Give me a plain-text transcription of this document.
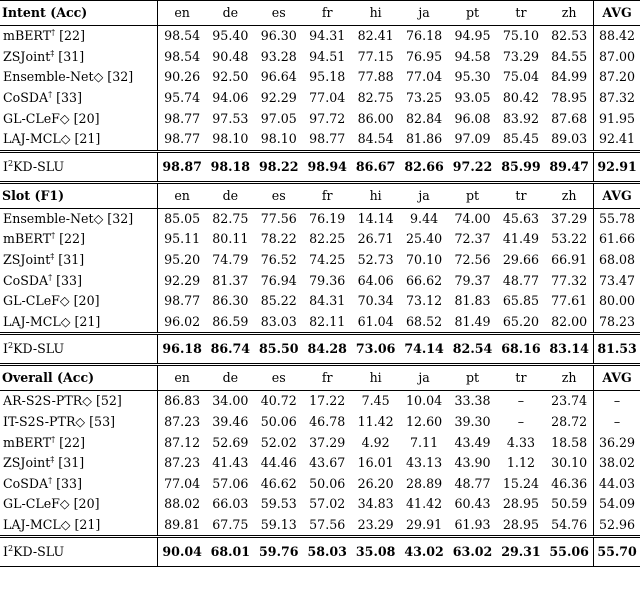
Intent (Acc)	en	de	es	fr	hi	ja	pt	tr	zh	AVG
mBERT† [22]	98.54	95.40	96.30	94.31	82.41	76.18	94.95	75.10	82.53	88.42
ZSJoint‡ [31]	98.54	90.48	93.28	94.51	77.15	76.95	94.58	73.29	84.55	87.00
Ensemble-Net◇ [32]	90.26	92.50	96.64	95.18	77.88	77.04	95.30	75.04	84.99	87.20
CoSDA† [33]	95.74	94.06	92.29	77.04	82.75	73.25	93.05	80.42	78.95	87.32
GL-CLeF◇ [20]	98.77	97.53	97.05	97.72	86.00	82.84	96.08	83.92	87.68	91.95
LAJ-MCL◇ [21]	98.77	98.10	98.10	98.77	84.54	81.86	97.09	85.45	89.03	92.41
$I^2KD$-SLU	98.87	98.18	98.22	98.94	86.67	82.66	97.22	85.99	89.47	92.91
Slot (F1)	en	de	es	fr	hi	ja	pt	tr	zh	AVG
Ensemble-Net◇ [32]	85.05	82.75	77.56	76.19	14.14	9.44	74.00	45.63	37.29	55.78
mBERT† [22]	95.11	80.11	78.22	82.25	26.71	25.40	72.37	41.49	53.22	61.66
ZSJoint‡ [31]	95.20	74.79	76.52	74.25	52.73	70.10	72.56	29.66	66.91	68.08
CoSDA† [33]	92.29	81.37	76.94	79.36	64.06	66.62	79.37	48.77	77.32	73.47
GL-CLeF◇ [20]	98.77	86.30	85.22	84.31	70.34	73.12	81.83	65.85	77.61	80.00
LAJ-MCL◇ [21]	96.02	86.59	83.03	82.11	61.04	68.52	81.49	65.20	82.00	78.23
$I^2KD$-SLU	96.18	86.74	85.50	84.28	73.06	74.14	82.54	68.16	83.14	81.53
Overall (Acc)	en	de	es	fr	hi	ja	pt	tr	zh	AVG
AR-S2S-PTR◇ [52]	86.83	34.00	40.72	17.22	7.45	10.04	33.38	–	23.74	–
IT-S2S-PTR◇ [53]	87.23	39.46	50.06	46.78	11.42	12.60	39.30	–	28.72	–
mBERT† [22]	87.12	52.69	52.02	37.29	4.92	7.11	43.49	4.33	18.58	36.29
ZSJoint‡ [31]	87.23	41.43	44.46	43.67	16.01	43.13	43.90	1.12	30.10	38.02
CoSDA† [33]	77.04	57.06	46.62	50.06	26.20	28.89	48.77	15.24	46.36	44.03
GL-CLeF◇ [20]	88.02	66.03	59.53	57.02	34.83	41.42	60.43	28.95	50.59	54.09
LAJ-MCL◇ [21]	89.81	67.75	59.13	57.56	23.29	29.91	61.93	28.95	54.76	52.96
$I^2KD$-SLU	90.04	68.01	59.76	58.03	35.08	43.02	63.02	29.31	55.06	55.70
